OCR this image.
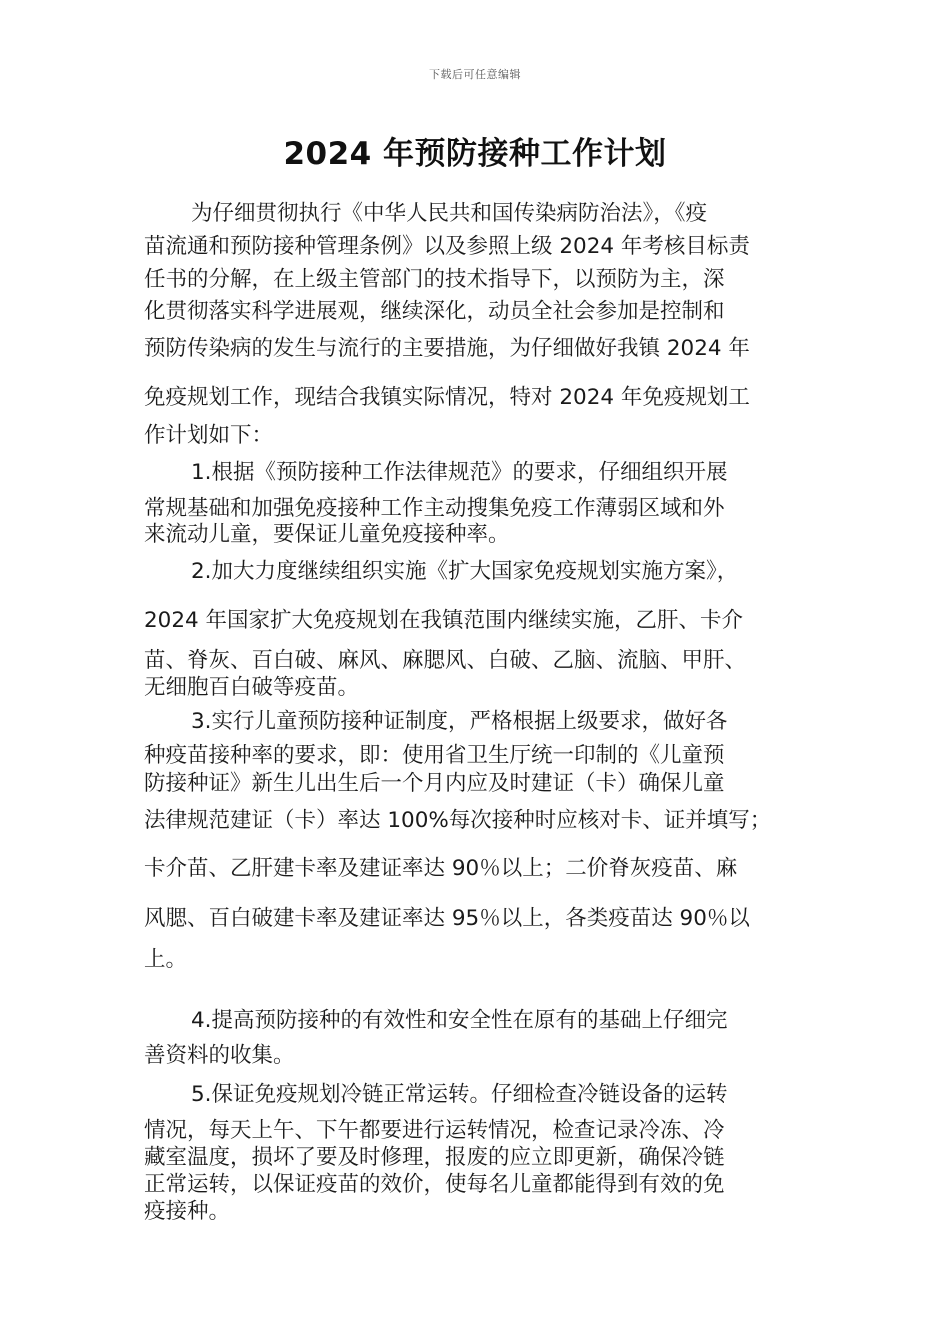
下载后可任意编辑
2024 年预防接种工作计划
为仔细贯彻执行《中华人民共和国传染病防治法》，《疫
苗流通和预防接种管理条例》以及参照上级 2024 年考核目标责
任书的分解，在上级主管部门的技术指导下，以预防为主，深
化贯彻落实科学进展观，继续深化，动员全社会参加是控制和
预防传染病的发生与流行的主要措施，为仔细做好我镇 2024 年
免疫规划工作，现结合我镇实际情况，特对 2024 年免疫规划工
作计划如下：
1.根据《预防接种工作法律规范》的要求，仔细组织开展
常规基础和加强免疫接种工作主动搜集免疫工作薄弱区域和外
来流动儿童，要保证儿童免疫接种率。
2.加大力度继续组织实施《扩大国家免疫规划实施方案》，
2024 年国家扩大免疫规划在我镇范围内继续实施，乙肝、卡介
苗、脊灰、百白破、麻风、麻腮风、白破、乙脑、流脑、甲肝、
无细胞百白破等疫苗。
3.实行儿童预防接种证制度，严格根据上级要求，做好各
种疫苗接种率的要求，即：使用省卫生厅统一印制的《儿童预
防接种证》新生儿出生后一个月内应及时建证（卡）确保儿童
法律规范建证（卡）率达 100%每次接种时应核对卡、证并填写；
卡介苗、乙肝建卡率及建证率达 90％以上；二价脊灰疫苗、麻
风腮、百白破建卡率及建证率达 95％以上，各类疫苗达 90％以
上。
4.提高预防接种的有效性和安全性在原有的基础上仔细完
善资料的收集。
5.保证免疫规划冷链正常运转。仔细检查冷链设备的运转
情况，每天上午、下午都要进行运转情况，检查记录冷冻、冷
藏室温度，损坏了要及时修理，报废的应立即更新，确保冷链
正常运转，以保证疫苗的效价，使每名儿童都能得到有效的免
疫接种。
